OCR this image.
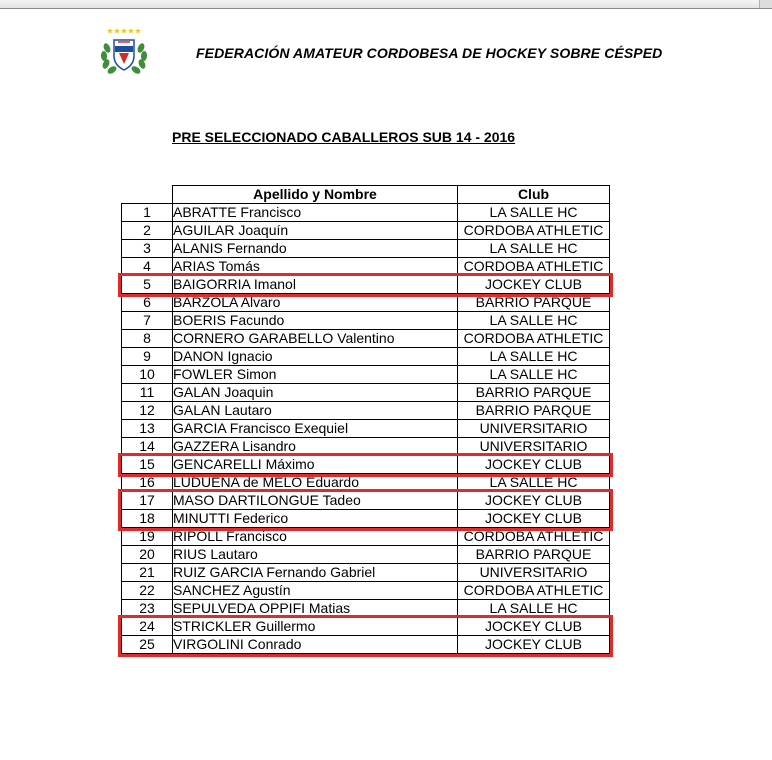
FEDERACIÓN AMATEUR CORDOBESA DE HOCKEY SOBRE CÉSPED
PRE SELECCIONADO CABALLEROS SUB 14 - 2016
	Apellido y Nombre	Club
1	ABRATTE Francisco	LA SALLE HC
2	AGUILAR Joaquín	CORDOBA ATHLETIC
3	ALANIS Fernando	LA SALLE HC
4	ARIAS Tomás	CORDOBA ATHLETIC
5	BAIGORRIA Imanol	JOCKEY CLUB
6	BARZOLA Alvaro	BARRIO PARQUE
7	BOERIS Facundo	LA SALLE HC
8	CORNERO GARABELLO Valentino	CORDOBA ATHLETIC
9	DANON Ignacio	LA SALLE HC
10	FOWLER Simon	LA SALLE HC
11	GALAN Joaquin	BARRIO PARQUE
12	GALAN Lautaro	BARRIO PARQUE
13	GARCIA Francisco Exequiel	UNIVERSITARIO
14	GAZZERA Lisandro	UNIVERSITARIO
15	GENCARELLI Máximo	JOCKEY CLUB
16	LUDUEÑA de MELO Eduardo	LA SALLE HC
17	MASO DARTILONGUE Tadeo	JOCKEY CLUB
18	MINUTTI Federico	JOCKEY CLUB
19	RIPOLL Francisco	CORDOBA ATHLETIC
20	RIUS Lautaro	BARRIO PARQUE
21	RUIZ GARCIA Fernando Gabriel	UNIVERSITARIO
22	SANCHEZ Agustín	CORDOBA ATHLETIC
23	SEPULVEDA OPPIFI Matias	LA SALLE HC
24	STRICKLER Guillermo	JOCKEY CLUB
25	VIRGOLINI Conrado	JOCKEY CLUB
